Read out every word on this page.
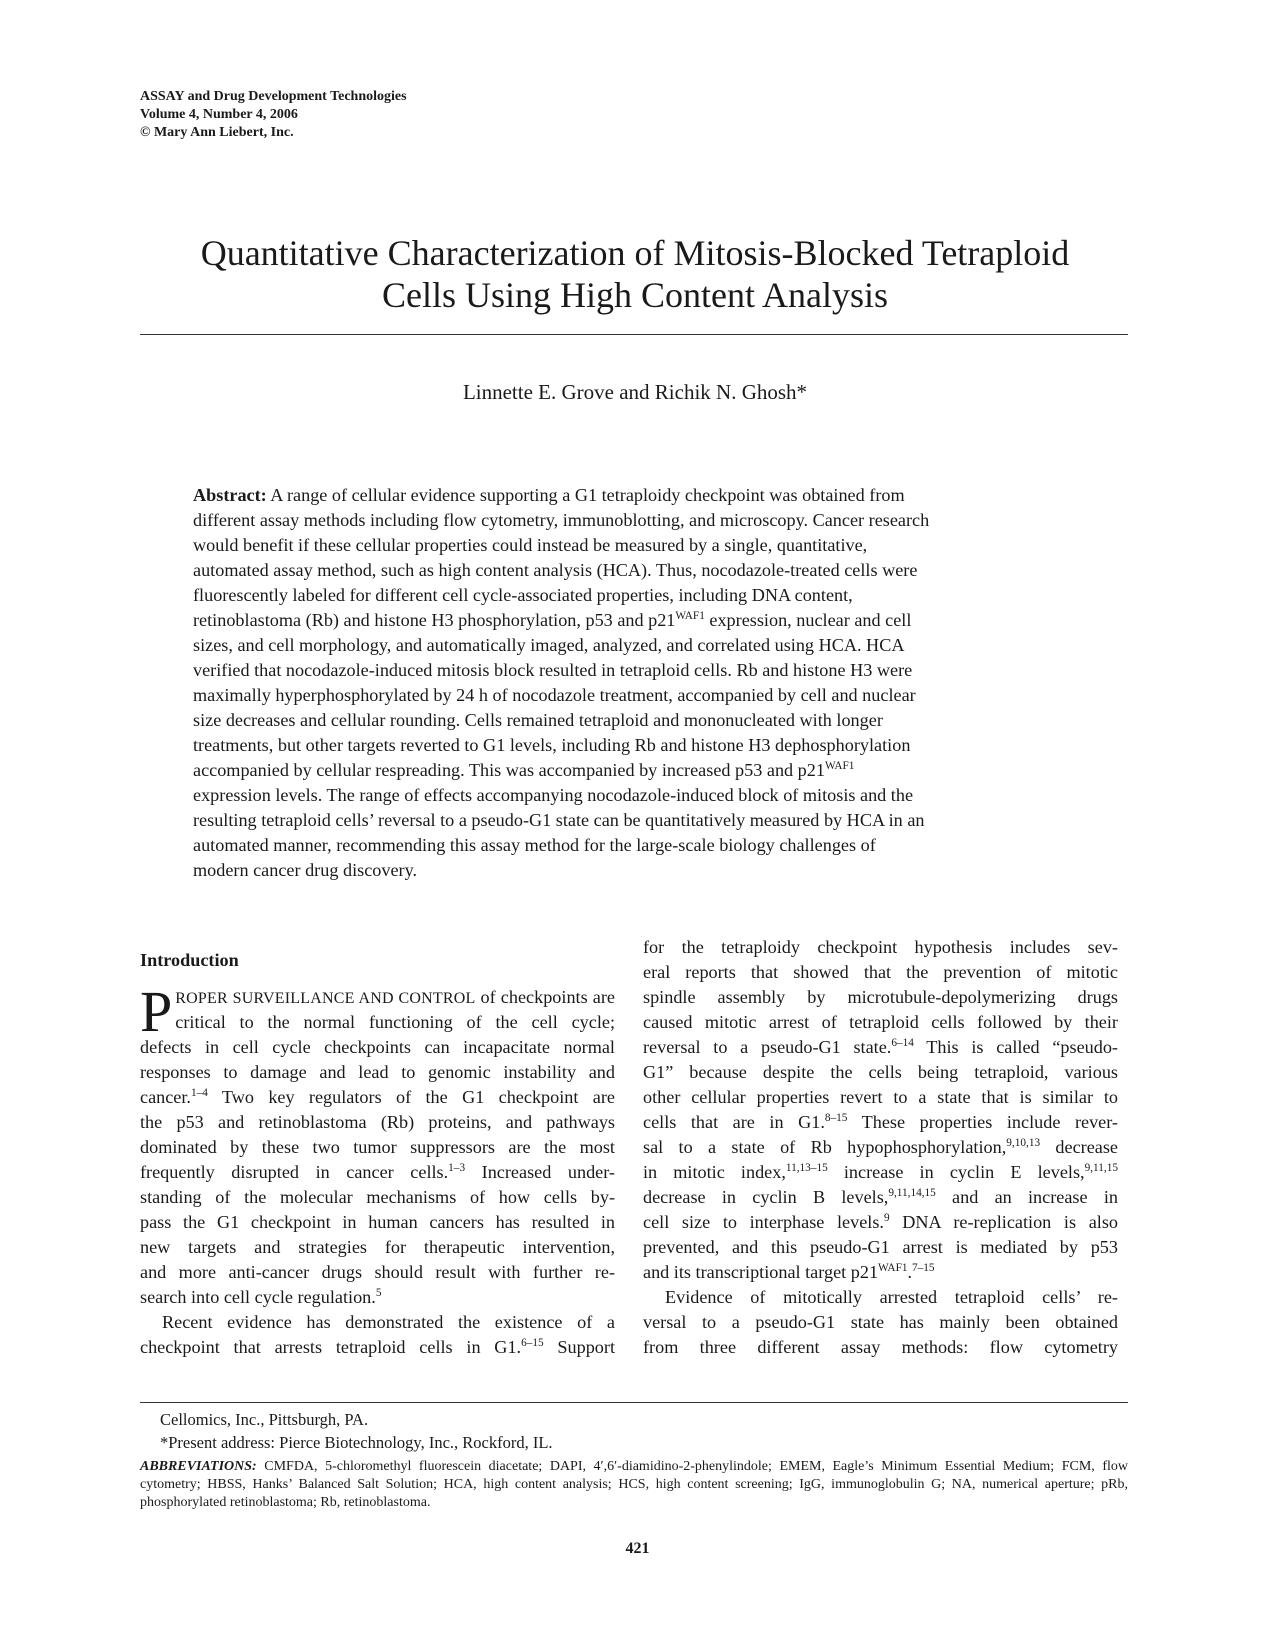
ASSAY and Drug Development Technologies
Volume 4, Number 4, 2006
© Mary Ann Liebert, Inc.
Quantitative Characterization of Mitosis-Blocked Tetraploid
Cells Using High Content Analysis
Linnette E. Grove and Richik N. Ghosh*
Abstract: A range of cellular evidence supporting a G1 tetraploidy checkpoint was obtained from
different assay methods including flow cytometry, immunoblotting, and microscopy. Cancer research
would benefit if these cellular properties could instead be measured by a single, quantitative,
automated assay method, such as high content analysis (HCA). Thus, nocodazole-treated cells were
fluorescently labeled for different cell cycle-associated properties, including DNA content,
retinoblastoma (Rb) and histone H3 phosphorylation, p53 and $p21^{WAF1}$ expression, nuclear and cell
sizes, and cell morphology, and automatically imaged, analyzed, and correlated using HCA. HCA
verified that nocodazole-induced mitosis block resulted in tetraploid cells. Rb and histone H3 were
maximally hyperphosphorylated by 24 h of nocodazole treatment, accompanied by cell and nuclear
size decreases and cellular rounding. Cells remained tetraploid and mononucleated with longer
treatments, but other targets reverted to G1 levels, including Rb and histone H3 dephosphorylation
accompanied by cellular respreading. This was accompanied by increased p53 and $p21^{WAF1}$
expression levels. The range of effects accompanying nocodazole-induced block of mitosis and the
resulting tetraploid cells’ reversal to a pseudo-G1 state can be quantitatively measured by HCA in an
automated manner, recommending this assay method for the large-scale biology challenges of
modern cancer drug discovery.
Introduction
P ROPER SURVEILLANCE AND CONTROL of checkpoints are
critical to the normal functioning of the cell cycle;
defects in cell cycle checkpoints can incapacitate normal
responses to damage and lead to genomic instability and
cancer.$^{1-4}$ Two key regulators of the G1 checkpoint are
the p53 and retinoblastoma (Rb) proteins, and pathways
dominated by these two tumor suppressors are the most
frequently disrupted in cancer cells.$^{1-3}$ Increased under-
standing of the molecular mechanisms of how cells by-
pass the G1 checkpoint in human cancers has resulted in
new targets and strategies for therapeutic intervention,
and more anti-cancer drugs should result with further re-
search into cell cycle regulation.$^5$
Recent evidence has demonstrated the existence of a
checkpoint that arrests tetraploid cells in G1.$^{6-15}$ Support
for the tetraploidy checkpoint hypothesis includes sev-
eral reports that showed that the prevention of mitotic
spindle assembly by microtubule-depolymerizing drugs
caused mitotic arrest of tetraploid cells followed by their
reversal to a pseudo-G1 state.$^{6-14}$ This is called “pseudo-
G1” because despite the cells being tetraploid, various
other cellular properties revert to a state that is similar to
cells that are in G1.$^{8-15}$ These properties include rever-
sal to a state of Rb hypophosphorylation,$^{9,10,13}$ decrease
in mitotic index,$^{11,13-15}$ increase in cyclin E levels,$^{9,11,15}$
decrease in cyclin B levels,$^{9,11,14,15}$ and an increase in
cell size to interphase levels.$^9$ DNA re-replication is also
prevented, and this pseudo-G1 arrest is mediated by p53
and its transcriptional target $p21^{WAF1}.^{7-15}$
Evidence of mitotically arrested tetraploid cells’ re-
versal to a pseudo-G1 state has mainly been obtained
from three different assay methods: flow cytometry
Cellomics, Inc., Pittsburgh, PA.
*Present address: Pierce Biotechnology, Inc., Rockford, IL.
ABBREVIATIONS: CMFDA, 5-chloromethyl fluorescein diacetate; DAPI, 4′,6′-diamidino-2-phenylindole; EMEM, Eagle’s Minimum Essential Medium; FCM, flow cytometry; HBSS, Hanks’ Balanced Salt Solution; HCA, high content analysis; HCS, high content screening; IgG, immunoglobulin G; NA, numerical aperture; pRb, phosphorylated retinoblastoma; Rb, retinoblastoma.
421
